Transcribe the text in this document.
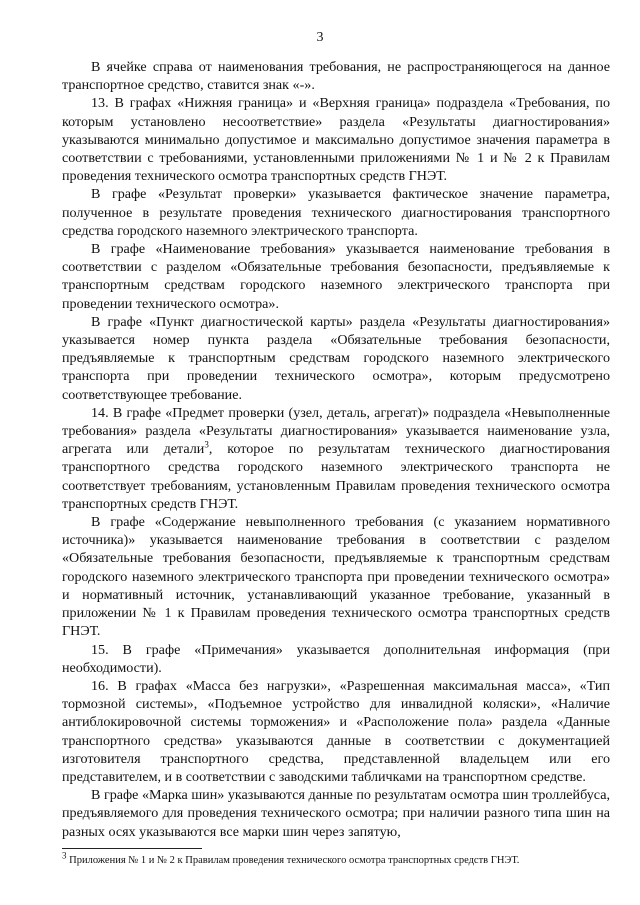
3

В ячейке справа от наименования требования, не распространяющегося на данное транспортное средство, ставится знак «-».

13. В графах «Нижняя граница» и «Верхняя граница» подраздела «Требования, по которым установлено несоответствие» раздела «Результаты диагностирования» указываются минимально допустимое и максимально допустимое значения параметра в соответствии с требованиями, установленными приложениями № 1 и № 2 к Правилам проведения технического осмотра транспортных средств ГНЭТ.

В графе «Результат проверки» указывается фактическое значение параметра, полученное в результате проведения технического диагностирования транспортного средства городского наземного электрического транспорта.

В графе «Наименование требования» указывается наименование требования в соответствии с разделом «Обязательные требования безопасности, предъявляемые к транспортным средствам городского наземного электрического транспорта при проведении технического осмотра».

В графе «Пункт диагностической карты» раздела «Результаты диагностирования» указывается номер пункта раздела «Обязательные требования безопасности, предъявляемые к транспортным средствам городского наземного электрического транспорта при проведении технического осмотра», которым предусмотрено соответствующее требование.

14. В графе «Предмет проверки (узел, деталь, агрегат)» подраздела «Невыполненные требования» раздела «Результаты диагностирования» указывается наименование узла, агрегата или детали$^3$, которое по результатам технического диагностирования транспортного средства городского наземного электрического транспорта не соответствует требованиям, установленным Правилам проведения технического осмотра транспортных средств ГНЭТ.

В графе «Содержание невыполненного требования (с указанием нормативного источника)» указывается наименование требования в соответствии с разделом «Обязательные требования безопасности, предъявляемые к транспортным средствам городского наземного электрического транспорта при проведении технического осмотра» и нормативный источник, устанавливающий указанное требование, указанный в приложении № 1 к Правилам проведения технического осмотра транспортных средств ГНЭТ.

15. В графе «Примечания» указывается дополнительная информация (при необходимости).

16. В графах «Масса без нагрузки», «Разрешенная максимальная масса», «Тип тормозной системы», «Подъемное устройство для инвалидной коляски», «Наличие антиблокировочной системы торможения» и «Расположение пола» раздела «Данные транспортного средства» указываются данные в соответствии с документацией изготовителя транспортного средства, представленной владельцем или его представителем, и в соответствии с заводскими табличками на транспортном средстве.

В графе «Марка шин» указываются данные по результатам осмотра шин троллейбуса, предъявляемого для проведения технического осмотра; при наличии разного типа шин на разных осях указываются все марки шин через запятую,

$^3$ Приложения № 1 и № 2 к Правилам проведения технического осмотра транспортных средств ГНЭТ.
